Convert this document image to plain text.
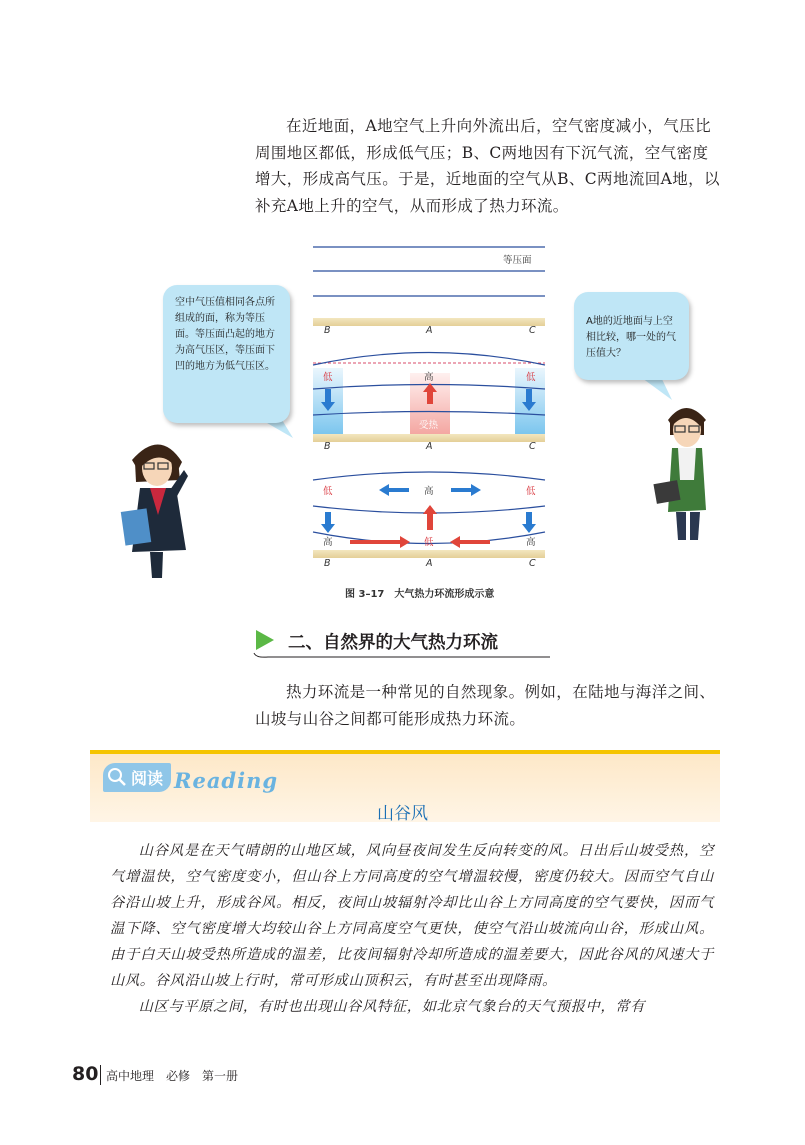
在近地面，A地空气上升向外流出后，空气密度减小，气压比周围地区都低，形成低气压；B、C两地因有下沉气流，空气密度增大，形成高气压。于是，近地面的空气从B、C两地流回A地，以补充A地上升的空气，从而形成了热力环流。

等压面
B	A	C
低	高	低
受热
B	A	C
低	高	低
高	低	高
B	A	C
空中气压值相同各点所组成的面，称为等压面。等压面凸起的地方为高气压区，等压面下凹的地方为低气压区。
A地的近地面与上空相比较，哪一处的气压值大？
图 3–17　大气热力环流形成示意
二、自然界的大气热力环流

热力环流是一种常见的自然现象。例如，在陆地与海洋之间、山坡与山谷之间都可能形成热力环流。

阅读 Reading
山谷风

山谷风是在天气晴朗的山地区域，风向昼夜间发生反向转变的风。日出后山坡受热，空气增温快，空气密度变小，但山谷上方同高度的空气增温较慢，密度仍较大。因而空气自山谷沿山坡上升，形成谷风。相反，夜间山坡辐射冷却比山谷上方同高度的空气要快，因而气温下降、空气密度增大均较山谷上方同高度空气更快，使空气沿山坡流向山谷，形成山风。由于白天山坡受热所造成的温差，比夜间辐射冷却所造成的温差要大，因此谷风的风速大于山风。谷风沿山坡上行时，常可形成山顶积云，有时甚至出现降雨。

山区与平原之间，有时也出现山谷风特征，如北京气象台的天气预报中，常有

80 高中地理　必修　第一册
